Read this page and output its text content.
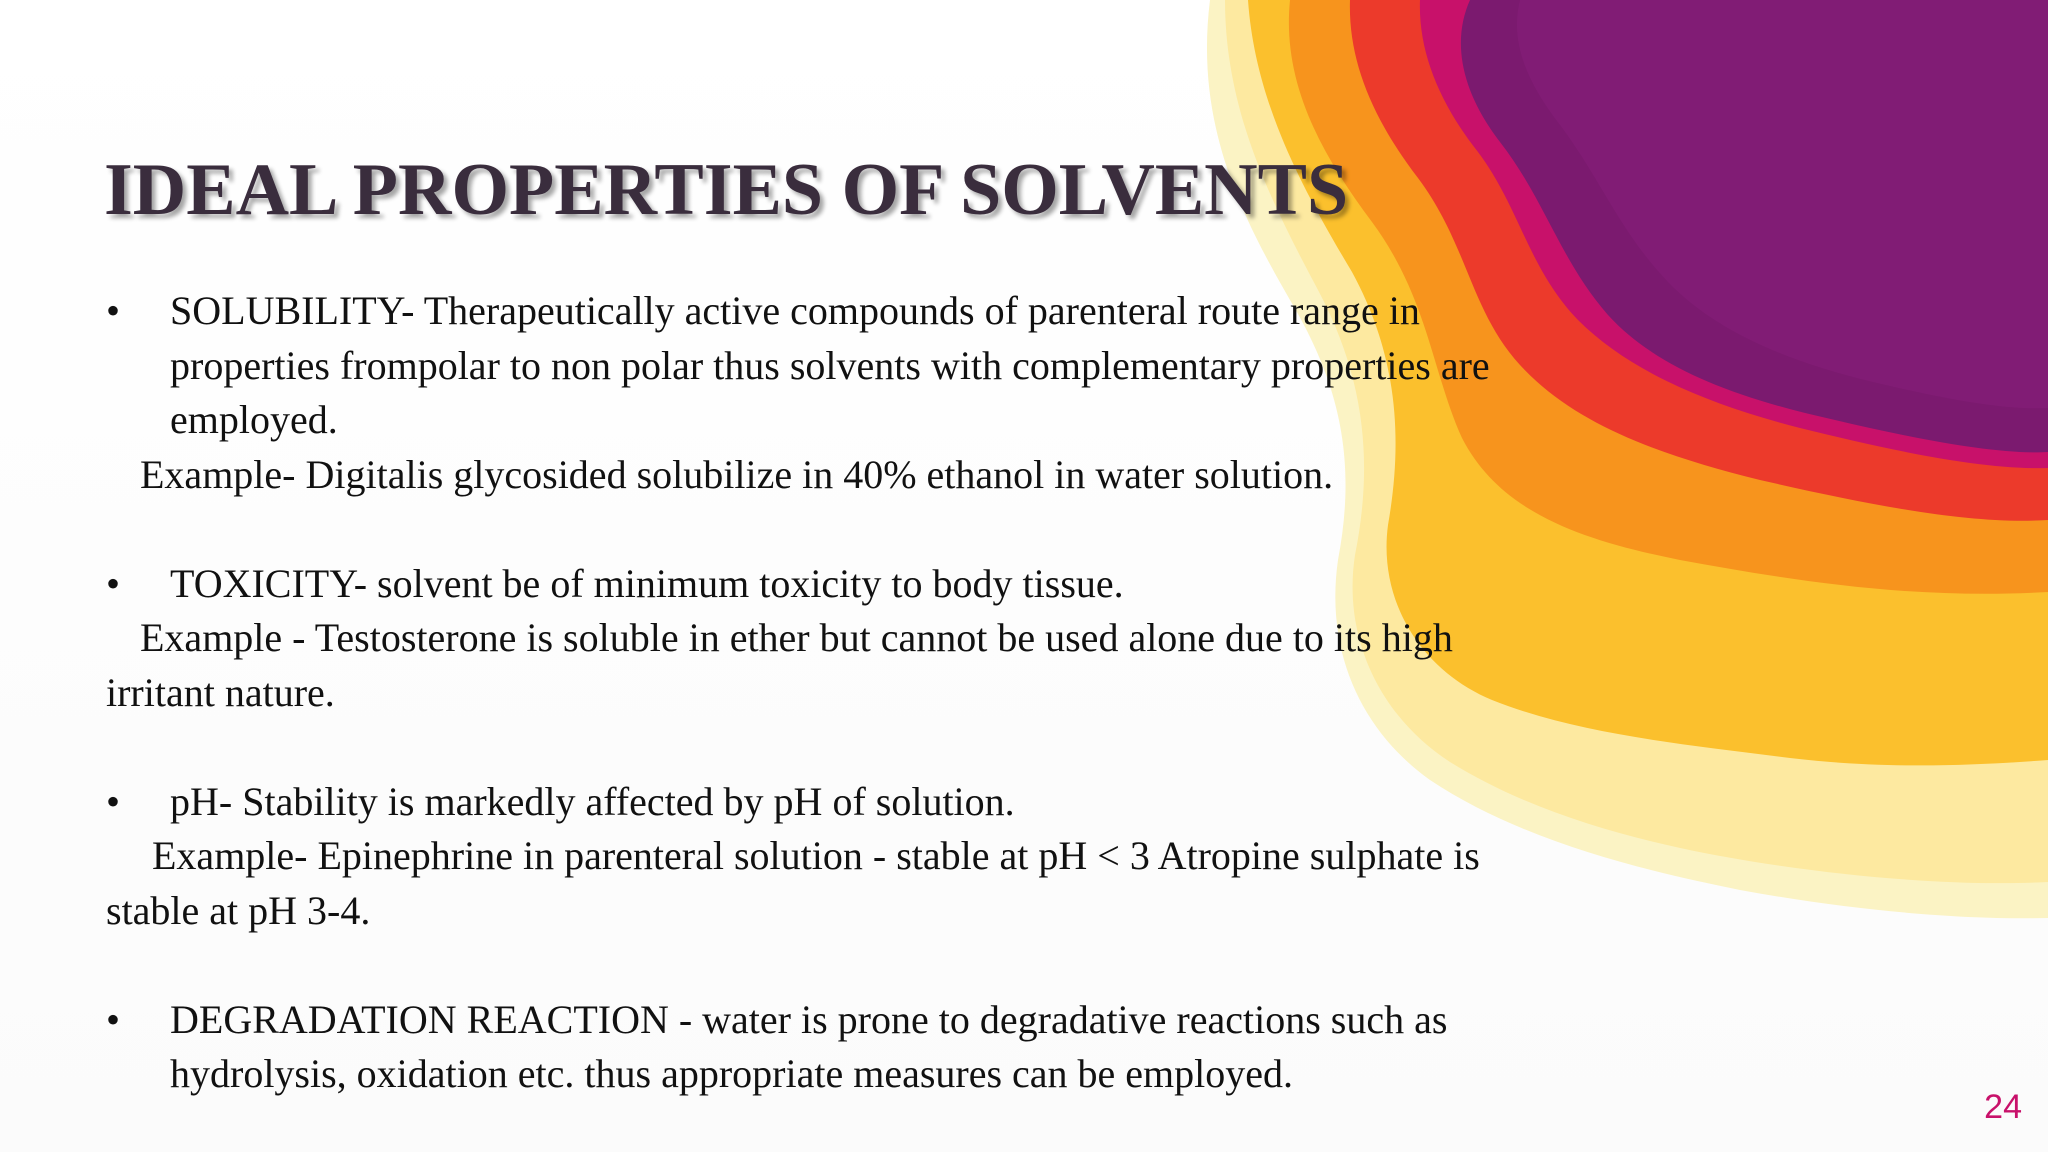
IDEAL PROPERTIES OF SOLVENTS
•	SOLUBILITY- Therapeutically active compounds of parenteral route range in
properties frompolar to non polar thus solvents with complementary properties are
employed.
Example- Digitalis glycosided solubilize in 40% ethanol in water solution.
•	TOXICITY- solvent be of minimum toxicity to body tissue.
Example - Testosterone is soluble in ether but cannot be used alone due to its high
irritant nature.
•	pH- Stability is markedly affected by pH of solution.
Example- Epinephrine in parenteral solution - stable at pH < 3 Atropine sulphate is
stable at pH 3-4.
•	DEGRADATION REACTION - water is prone to degradative reactions such as
hydrolysis, oxidation etc. thus appropriate measures can be employed.
24
